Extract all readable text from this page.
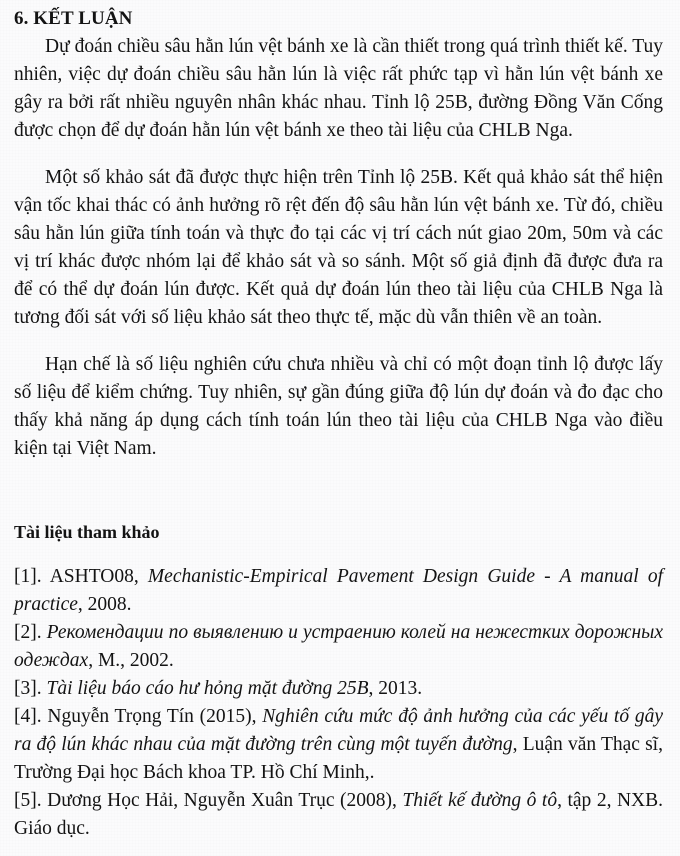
6. KẾT LUẬN

Dự đoán chiều sâu hằn lún vệt bánh xe là cần thiết trong quá trình thiết kế. Tuy nhiên, việc dự đoán chiều sâu hằn lún là việc rất phức tạp vì hằn lún vệt bánh xe gây ra bởi rất nhiều nguyên nhân khác nhau. Tỉnh lộ 25B, đường Đồng Văn Cống được chọn để dự đoán hằn lún vệt bánh xe theo tài liệu của CHLB Nga.

Một số khảo sát đã được thực hiện trên Tỉnh lộ 25B. Kết quả khảo sát thể hiện vận tốc khai thác có ảnh hưởng rõ rệt đến độ sâu hằn lún vệt bánh xe. Từ đó, chiều sâu hằn lún giữa tính toán và thực đo tại các vị trí cách nút giao 20m, 50m và các vị trí khác được nhóm lại để khảo sát và so sánh. Một số giả định đã được đưa ra để có thể dự đoán lún được. Kết quả dự đoán lún theo tài liệu của CHLB Nga là tương đối sát với số liệu khảo sát theo thực tế, mặc dù vẫn thiên về an toàn.

Hạn chế là số liệu nghiên cứu chưa nhiều và chỉ có một đoạn tỉnh lộ được lấy số liệu để kiểm chứng. Tuy nhiên, sự gần đúng giữa độ lún dự đoán và đo đạc cho thấy khả năng áp dụng cách tính toán lún theo tài liệu của CHLB Nga vào điều kiện tại Việt Nam.

Tài liệu tham khảo

[1]. ASHTO08, Mechanistic-Empirical Pavement Design Guide - A manual of practice, 2008.

[2]. Рекомендации по выявлению и устраению колей на нежестких дорожных одеждах, М., 2002.

[3]. Tài liệu báo cáo hư hỏng mặt đường 25B, 2013.

[4]. Nguyễn Trọng Tín (2015), Nghiên cứu mức độ ảnh hưởng của các yếu tố gây ra độ lún khác nhau của mặt đường trên cùng một tuyến đường, Luận văn Thạc sĩ, Trường Đại học Bách khoa TP. Hồ Chí Minh,.

[5]. Dương Học Hải, Nguyễn Xuân Trục (2008), Thiết kế đường ô tô, tập 2, NXB. Giáo dục.
